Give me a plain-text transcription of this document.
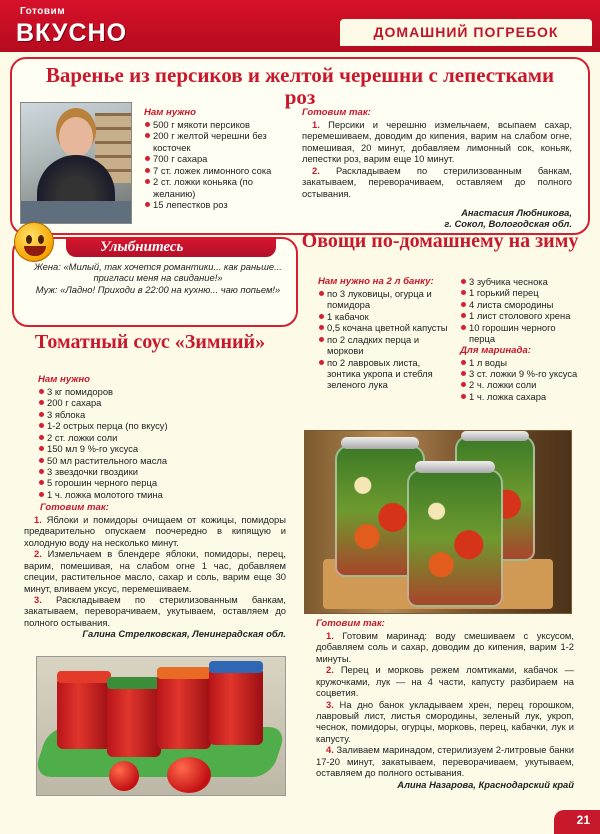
Готовим
ВКУСНО	ДОМАШНИЙ ПОГРЕБОК
Варенье из персиков и желтой черешни с лепестками роз
Нам нужно
500 г мякоти персиков
200 г желтой черешни без косточек
700 г сахара
7 ст. ложек лимонного сока
2 ст. ложки коньяка (по желанию)
15 лепестков роз
Готовим так:
1. Персики и черешню измельчаем, всыпаем сахар, перемешиваем, доводим до кипения, варим на слабом огне, помешивая, 20 минут, добавляем лимонный сок, коньяк, лепестки роз, варим еще 10 минут.
2. Раскладываем по стерилизованным банкам, закатываем, переворачиваем, оставляем до полного остывания.
Анастасия Любникова,
г. Сокол, Вологодская обл.
Улыбнитесь
Жена: «Милый, так хочется романтики... как раньше... пригласи меня на свидание!»
Муж: «Ладно! Приходи в 22:00 на кухню... чаю попьем!»
Томатный соус «Зимний»
Нам нужно
3 кг помидоров
200 г сахара
3 яблока
1-2 острых перца (по вкусу)
2 ст. ложки соли
150 мл 9 %-го уксуса
50 мл растительного масла
3 звездочки гвоздики
5 горошин черного перца
1 ч. ложка молотого тмина
Готовим так:
1. Яблоки и помидоры очищаем от кожицы, помидоры предварительно опускаем поочередно в кипящую и холодную воду на несколько минут.
2. Измельчаем в блендере яблоки, помидоры, перец, варим, помешивая, на слабом огне 1 час, добавляем специи, растительное масло, сахар и соль, варим еще 30 минут, вливаем уксус, перемешиваем.
3. Раскладываем по стерилизованным банкам, закатываем, переворачиваем, укутываем, оставляем до полного остывания.
Галина Стрелковская, Ленинградская обл.
Овощи по-домашнему на зиму
Нам нужно на 2 л банку:
по 3 луковицы, огурца и помидора
1 кабачок
0,5 кочана цветной капусты
по 2 сладких перца и моркови
по 2 лавровых листа, зонтика укропа и стебля зеленого лука
3 зубчика чеснока
1 горький перец
4 листа смородины
1 лист столового хрена
10 горошин черного перца
Для маринада:
1 л воды
3 ст. ложки 9 %-го уксуса
2 ч. ложки соли
1 ч. ложка сахара
Готовим так:
1. Готовим маринад: воду смешиваем с уксусом, добавляем соль и сахар, доводим до кипения, варим 1-2 минуты.
2. Перец и морковь режем ломтиками, кабачок — кружочками, лук — на 4 части, капусту разбираем на соцветия.
3. На дно банок укладываем хрен, перец горошком, лавровый лист, листья смородины, зеленый лук, укроп, чеснок, помидоры, огурцы, морковь, перец, кабачки, лук и капусту.
4. Заливаем маринадом, стерилизуем 2-литровые банки 17-20 минут, закатываем, переворачиваем, укутываем, оставляем до полного остывания.
Алина Назарова, Краснодарский край
21
